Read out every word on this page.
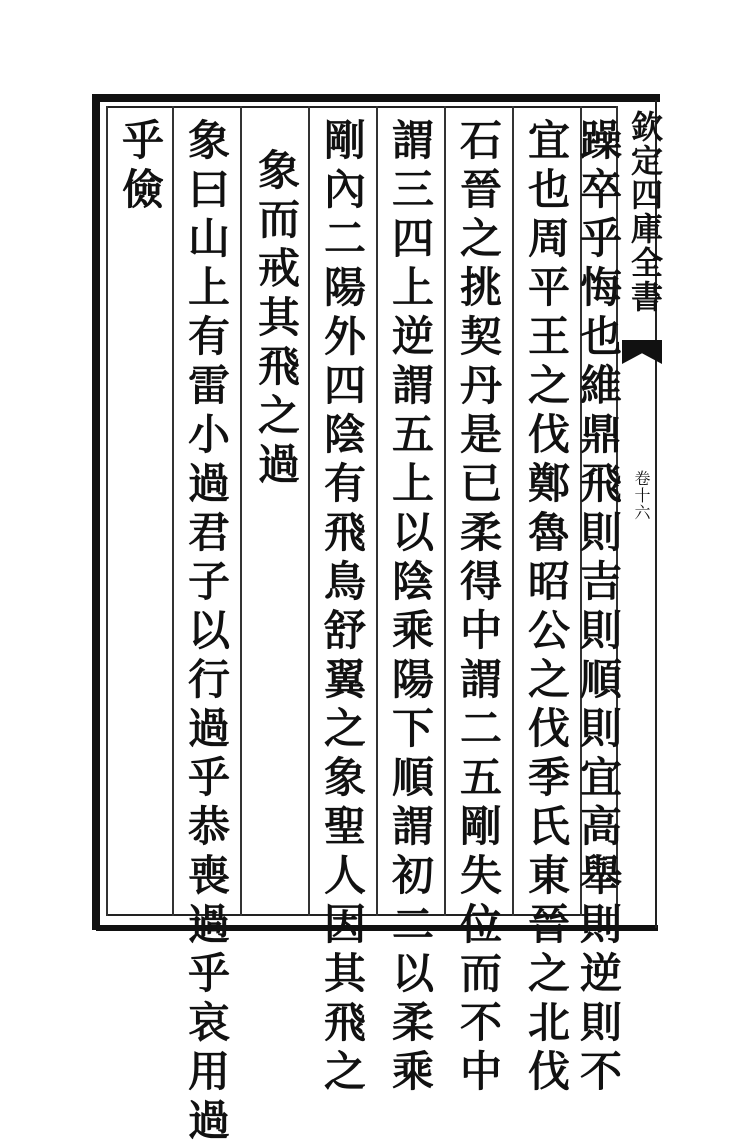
欽定四庫全書
卷十六
躁卒乎悔也維鼎飛則吉則順則宜高舉則逆則不
宜也周平王之伐鄭魯昭公之伐季氏東晉之北伐
石晉之挑契丹是已柔得中謂二五剛失位而不中
謂三四上逆謂五上以陰乘陽下順謂初二以柔乘
剛內二陽外四陰有飛鳥舒翼之象聖人因其飛之
象而戒其飛之過
象曰山上有雷小過君子以行過乎恭喪過乎哀用過
乎儉
